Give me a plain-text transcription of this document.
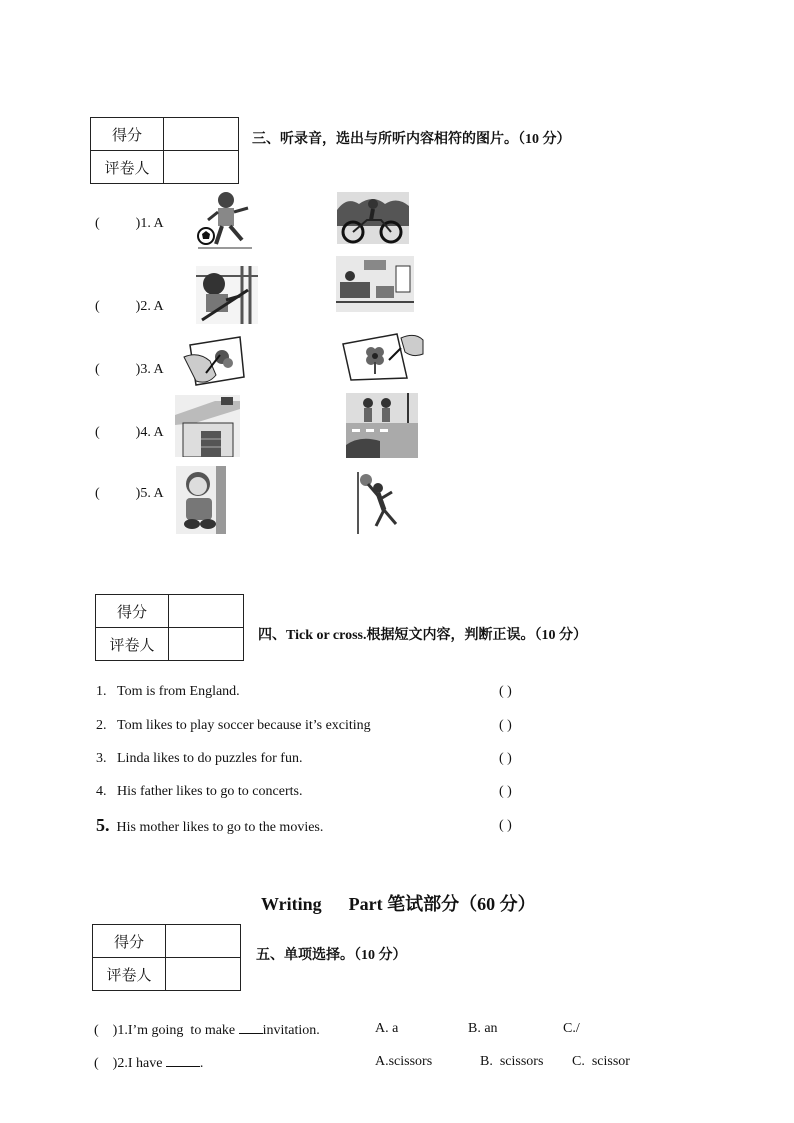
得分	
评卷人	
三、听录音，选出与所听内容相符的图片。（10 分）
(	)1. A
(	)2. A
(	)3. A
(	)4. A
(	)5. A
得分	
评卷人	
四、Tick or cross.根据短文内容，判断正误。（10 分）
1. Tom is from England.	( )
2. Tom likes to play soccer because it’s exciting	( )
3. Linda likes to do puzzles for fun.	( )
4. His father likes to go to concerts.	( )
5. His mother likes to go to the movies.	( )
Writing      Part 笔试部分（60 分）
得分	
评卷人	
五、单项选择。（10 分）
(    )1.I’m going  to make invitation.	A. a	B. an	C./
(    )2.I have	.	A.scissors	B.  scissors C.  scissor
